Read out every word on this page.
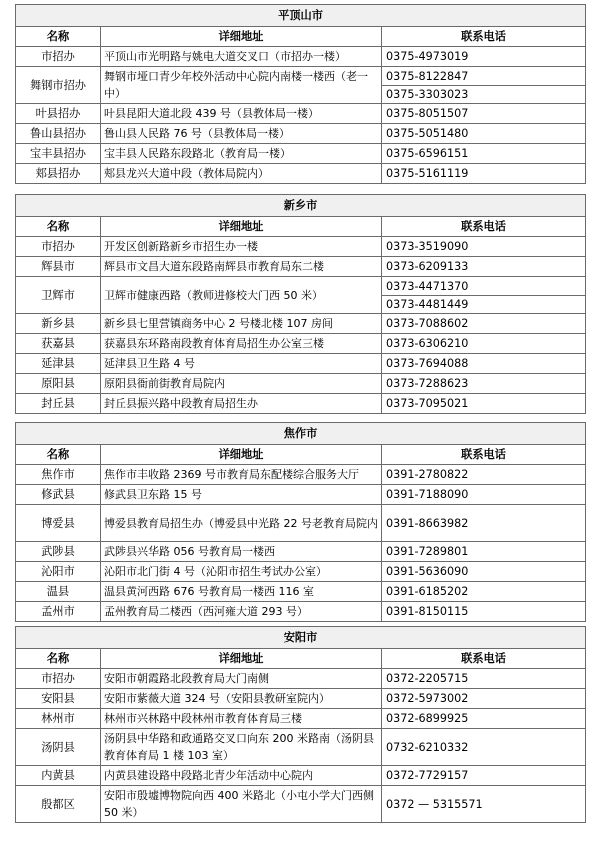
平顶山市		
名称	详细地址	联系电话
市招办	平顶山市光明路与姚电大道交叉口（市招办一楼）	0375-4973019

舞钢市招办	舞钢市垭口青少年校外活动中心院内南楼一楼西（老一中）	0375-8122847
0375-3303023

叶县招办	叶县昆阳大道北段 439 号（县教体局一楼）	0375-8051507

鲁山县招办	鲁山县人民路 76 号（县教体局一楼）	0375-5051480

宝丰县招办	宝丰县人民路东段路北（教育局一楼）	0375-6596151

郏县招办	郏县龙兴大道中段（教体局院内）	0375-5161119
新乡市		
名称	详细地址	联系电话
市招办	开发区创新路新乡市招生办一楼	0373-3519090

辉县市	辉县市文昌大道东段路南辉县市教育局东二楼	0373-6209133

卫辉市	卫辉市健康西路（教师进修校大门西 50 米）	0373-4471370
0373-4481449

新乡县	新乡县七里营镇商务中心 2 号楼北楼 107 房间	0373-7088602

获嘉县	获嘉县东环路南段教育体育局招生办公室三楼	0373-6306210

延津县	延津县卫生路 4 号	0373-7694088

原阳县	原阳县衙前街教育局院内	0373-7288623

封丘县	封丘县振兴路中段教育局招生办	0373-7095021
焦作市		
名称	详细地址	联系电话
焦作市	焦作市丰收路 2369 号市教育局东配楼综合服务大厅	0391-2780822

修武县	修武县卫东路 15 号	0391-7188090

博爱县	博爱县教育局招生办（博爱县中光路 22 号老教育局院内	0391-8663982

武陟县	武陟县兴华路 056 号教育局一楼西	0391-7289801

沁阳市	沁阳市北门街 4 号（沁阳市招生考试办公室）	0391-5636090

温县	温县黄河西路 676 号教育局一楼西 116 室	0391-6185202

孟州市	孟州教育局二楼西（西河雍大道 293 号）	0391-8150115
安阳市		
名称	详细地址	联系电话
市招办	安阳市朝霞路北段教育局大门南侧	0372-2205715

安阳县	安阳市紫薇大道 324 号（安阳县教研室院内）	0372-5973002

林州市	林州市兴林路中段林州市教育体育局三楼	0372-6899925

汤阴县	汤阴县中华路和政通路交叉口向东 200 米路南（汤阴县教育体育局 1 楼 103 室）	0732-6210332

内黄县	内黄县建设路中段路北青少年活动中心院内	0372-7729157

殷都区	安阳市殷墟博物院向西 400 米路北（小屯小学大门西侧 50 米）	0372 — 5315571
